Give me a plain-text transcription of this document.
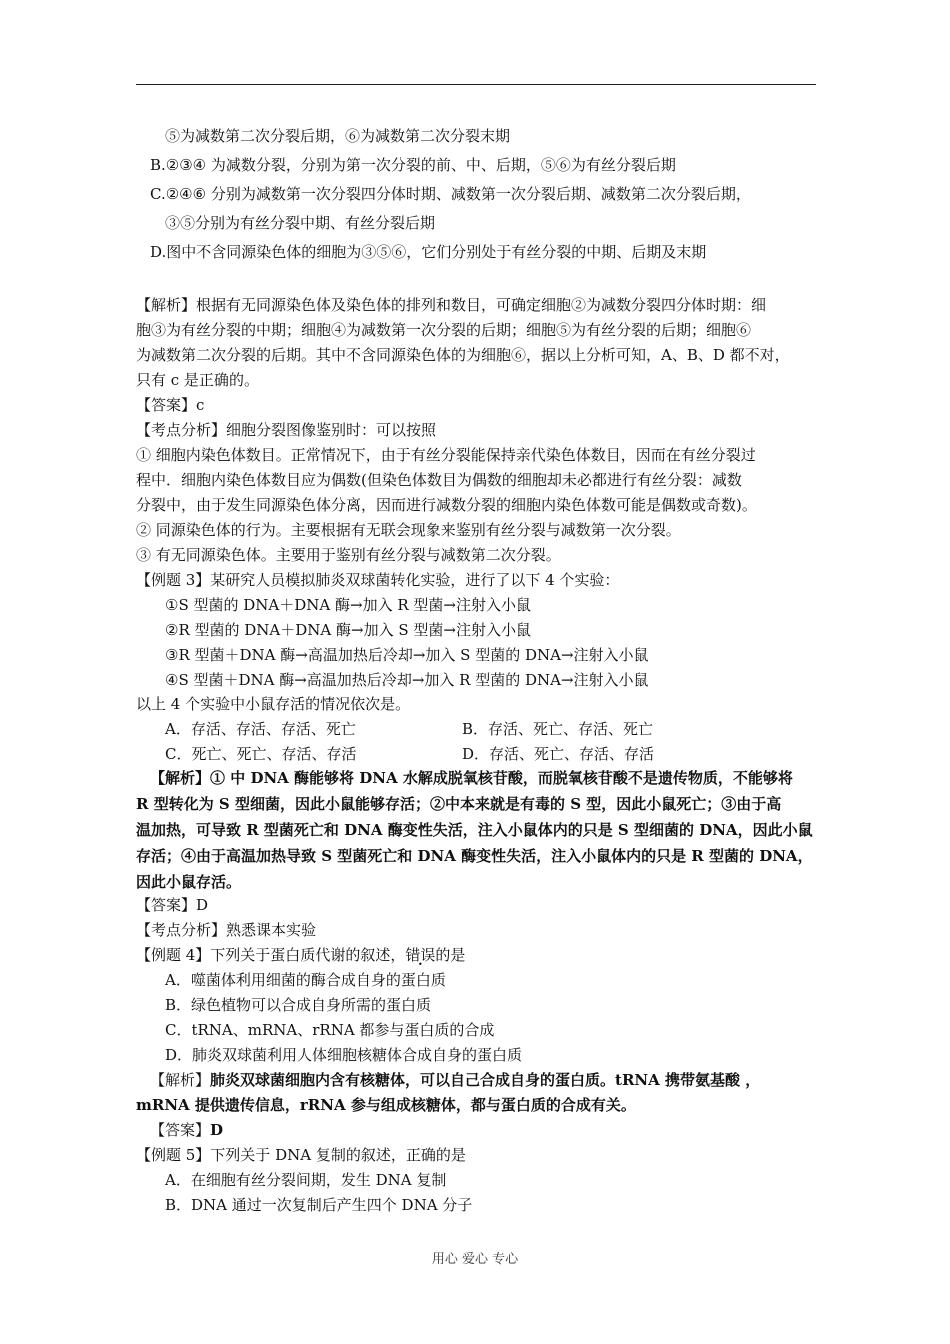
⑤为减数第二次分裂后期，⑥为减数第二次分裂末期
B.②③④ 为减数分裂，分别为第一次分裂的前、中、后期，⑤⑥为有丝分裂后期
C.②④⑥ 分别为减数第一次分裂四分体时期、减数第一次分裂后期、减数第二次分裂后期，
③⑤分别为有丝分裂中期、有丝分裂后期
D.图中不含同源染色体的细胞为③⑤⑥，它们分别处于有丝分裂的中期、后期及末期
【解析】根据有无同源染色体及染色体的排列和数目，可确定细胞②为减数分裂四分体时期：细
胞③为有丝分裂的中期；细胞④为减数第一次分裂的后期；细胞⑤为有丝分裂的后期；细胞⑥
为减数第二次分裂的后期。其中不含同源染色体的为细胞⑥，据以上分析可知，A、B、D 都不对，
只有 c 是正确的。
【答案】c
【考点分析】细胞分裂图像鉴别时：可以按照
① 细胞内染色体数目。正常情况下，由于有丝分裂能保持亲代染色体数目，因而在有丝分裂过
程中．细胞内染色体数目应为偶数(但染色体数目为偶数的细胞却未必都进行有丝分裂：减数
分裂中，由于发生同源染色体分离，因而进行减数分裂的细胞内染色体数可能是偶数或奇数)。
② 同源染色体的行为。主要根据有无联会现象来鉴别有丝分裂与减数第一次分裂。
③ 有无同源染色体。主要用于鉴别有丝分裂与减数第二次分裂。
【例题 3】某研究人员模拟肺炎双球菌转化实验，进行了以下 4 个实验：
①S 型菌的 DNA＋DNA 酶→加入 R 型菌→注射入小鼠
②R 型菌的 DNA＋DNA 酶→加入 S 型菌→注射入小鼠
③R 型菌＋DNA 酶→高温加热后冷却→加入 S 型菌的 DNA→注射入小鼠
④S 型菌＋DNA 酶→高温加热后冷却→加入 R 型菌的 DNA→注射入小鼠
以上 4 个实验中小鼠存活的情况依次是。
A．存活、存活、存活、死亡	B．存活、死亡、存活、死亡
C．死亡、死亡、存活、存活	D．存活、死亡、存活、存活
【解析】① 中 DNA 酶能够将 DNA 水解成脱氧核苷酸，而脱氧核苷酸不是遗传物质，不能够将
R 型转化为 S 型细菌，因此小鼠能够存活；②中本来就是有毒的 S 型，因此小鼠死亡；③由于高
温加热，可导致 R 型菌死亡和 DNA 酶变性失活，注入小鼠体内的只是 S 型细菌的 DNA，因此小鼠
存活；④由于高温加热导致 S 型菌死亡和 DNA 酶变性失活，注入小鼠体内的只是 R 型菌的 DNA，
因此小鼠存活。
【答案】D
【考点分析】熟悉课本实验
【例题 4】下列关于蛋白质代谢的叙述，错误的是
A．噬菌体利用细菌的酶合成自身的蛋白质
B．绿色植物可以合成自身所需的蛋白质
C．tRNA、mRNA、rRNA 都参与蛋白质的合成
D．肺炎双球菌利用人体细胞核糖体合成自身的蛋白质
【解析】肺炎双球菌细胞内含有核糖体，可以自己合成自身的蛋白质。tRNA 携带氨基酸 ，
mRNA 提供遗传信息，rRNA 参与组成核糖体，都与蛋白质的合成有关。
【答案】D
【例题 5】下列关于 DNA 复制的叙述，正确的是
A．在细胞有丝分裂间期，发生 DNA 复制
B．DNA 通过一次复制后产生四个 DNA 分子
用心 爱心 专心
